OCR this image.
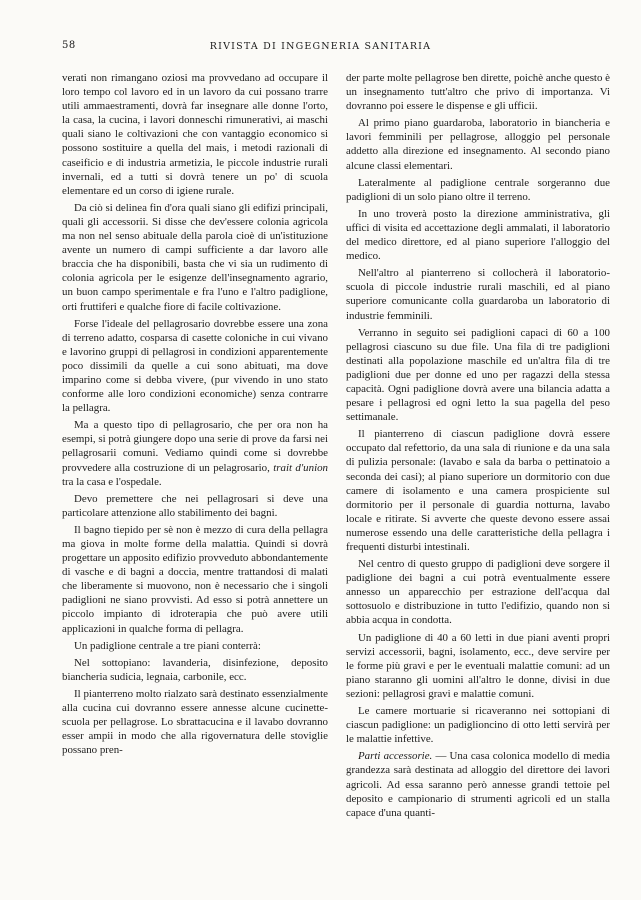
58	RIVISTA DI INGEGNERIA SANITARIA

verati non rimangano oziosi ma provvedano ad occupare il loro tempo col lavoro ed in un lavoro da cui possano trarre utili ammaestramenti, dovrà far insegnare alle donne l'orto, la casa, la cucina, i lavori donneschi rimunerativi, ai maschi quali siano le coltivazioni che con vantaggio economico si possono sostituire a quella del mais, i metodi razionali di caseificio e di industria armetizia, le piccole industrie rurali invernali, ed a tutti si dovrà tenere un po' di scuola elementare ed un corso di igiene rurale.

Da ciò si delinea fin d'ora quali siano gli edifizi principali, quali gli accessorii. Si disse che dev'essere colonia agricola ma non nel senso abituale della parola cioè di un'istituzione avente un numero di campi sufficiente a dar lavoro alle braccia che ha disponibili, basta che vi sia un rudimento di colonia agricola per le esigenze dell'insegnamento agrario, un buon campo sperimentale e fra l'uno e l'altro padiglione, orti fruttiferi e qualche fiore di facile coltivazione.

Forse l'ideale del pellagrosario dovrebbe essere una zona di terreno adatto, cosparsa di casette coloniche in cui vivano e lavorino gruppi di pellagrosi in condizioni apparentemente poco dissimili da quelle a cui sono abituati, ma dove imparino come si debba vivere, (pur vivendo in uno stato conforme alle loro condizioni economiche) senza contrarre la pellagra.

Ma a questo tipo di pellagrosario, che per ora non ha esempi, si potrà giungere dopo una serie di prove da farsi nei pellagrosarii comuni. Vediamo quindi come si dovrebbe provvedere alla costruzione di un pelagrosario, trait d'union tra la casa e l'ospedale.

Devo premettere che nei pellagrosari si deve una particolare attenzione allo stabilimento dei bagni.

Il bagno tiepido per sè non è mezzo di cura della pellagra ma giova in molte forme della malattia. Quindi si dovrà progettare un apposito edifizio provveduto abbondantemente di vasche e di bagni a doccia, mentre trattandosi di malati che liberamente si muovono, non è necessario che i singoli padiglioni ne siano provvisti. Ad esso si potrà annettere un piccolo impianto di idroterapia che può avere utili applicazioni in qualche forma di pellagra.

Un padiglione centrale a tre piani conterrà:

Nel sottopiano: lavanderia, disinfezione, deposito biancheria sudicia, legnaia, carbonile, ecc.

Il pianterreno molto rialzato sarà destinato essenzialmente alla cucina cui dovranno essere annesse alcune cucinette-scuola per pellagrose. Lo sbrattacucina e il lavabo dovranno esser ampii in modo che alla rigovernatura delle stoviglie possano pren-

der parte molte pellagrose ben dirette, poichè anche questo è un insegnamento tutt'altro che privo di importanza. Vi dovranno poi essere le dispense e gli ufficii.

Al primo piano guardaroba, laboratorio in biancheria e lavori femminili per pellagrose, alloggio pel personale addetto alla direzione ed insegnamento. Al secondo piano alcune classi elementari.

Lateralmente al padiglione centrale sorgeranno due padiglioni di un solo piano oltre il terreno.

In uno troverà posto la direzione amministrativa, gli uffici di visita ed accettazione degli ammalati, il laboratorio del medico direttore, ed al piano superiore l'alloggio del medico.

Nell'altro al pianterreno si collocherà il laboratorio-scuola di piccole industrie rurali maschili, ed al piano superiore comunicante colla guardaroba un laboratorio di industrie femminili.

Verranno in seguito sei padiglioni capaci di 60 a 100 pellagrosi ciascuno su due file. Una fila di tre padiglioni destinati alla popolazione maschile ed un'altra fila di tre padiglioni due per donne ed uno per ragazzi della stessa capacità. Ogni padiglione dovrà avere una bilancia adatta a pesare i pellagrosi ed ogni letto la sua pagella del peso settimanale.

Il pianterreno di ciascun padiglione dovrà essere occupato dal refettorio, da una sala di riunione e da una sala di pulizia personale: (lavabo e sala da barba o pettinatoio a seconda dei casi); al piano superiore un dormitorio con due camere di isolamento e una camera prospiciente sul dormitorio per il personale di guardia notturna, lavabo locale e ritirate. Si avverte che queste devono essere assai numerose essendo una delle caratteristiche della pellagra i frequenti disturbi intestinali.

Nel centro di questo gruppo di padiglioni deve sorgere il padiglione dei bagni a cui potrà eventualmente essere annesso un apparecchio per estrazione dell'acqua dal sottosuolo e distribuzione in tutto l'edifizio, quando non si abbia acqua in condotta.

Un padiglione di 40 a 60 letti in due piani aventi propri servizi accessorii, bagni, isolamento, ecc., deve servire per le forme più gravi e per le eventuali malattie comuni: ad un piano staranno gli uomini all'altro le donne, divisi in due sezioni: pellagrosi gravi e malattie comuni.

Le camere mortuarie si ricaveranno nei sottopiani di ciascun padiglione: un padiglioncino di otto letti servirà per le malattie infettive.

Parti accessorie. — Una casa colonica modello di media grandezza sarà destinata ad alloggio del direttore dei lavori agricoli. Ad essa saranno però annesse grandi tettoie pel deposito e campionario di strumenti agricoli ed un stalla capace d'una quanti-
